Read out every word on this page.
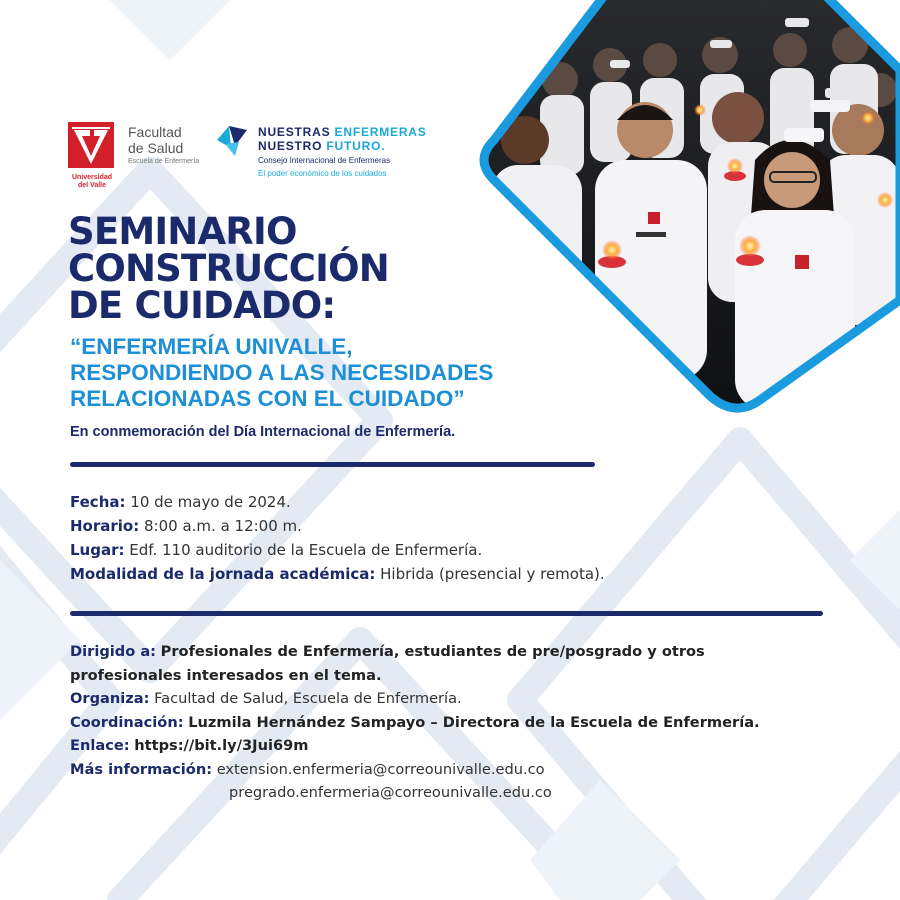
Universidad del Valle
Facultad
de Salud
Escuela de Enfermería
NUESTRAS ENFERMERAS
NUESTRO FUTURO.
Consejo Internacional de Enfermeras
El poder económico de los cuidados
SEMINARIO
CONSTRUCCIÓN
DE CUIDADO:
“ENFERMERÍA UNIVALLE,
RESPONDIENDO A LAS NECESIDADES
RELACIONADAS CON EL CUIDADO”
En conmemoración del Día Internacional de Enfermería.
Fecha: 10 de mayo de 2024.
Horario: 8:00 a.m. a 12:00 m.
Lugar: Edf. 110 auditorio de la Escuela de Enfermería.
Modalidad de la jornada académica: Hibrida (presencial y remota).
Dirigido a: Profesionales de Enfermería, estudiantes de pre/posgrado y otros
profesionales interesados en el tema.
Organiza: Facultad de Salud, Escuela de Enfermería.
Coordinación: Luzmila Hernández Sampayo – Directora de la Escuela de Enfermería.
Enlace: https://bit.ly/3Jui69m
Más información: extension.enfermeria@correounivalle.edu.co
pregrado.enfermeria@correounivalle.edu.co
